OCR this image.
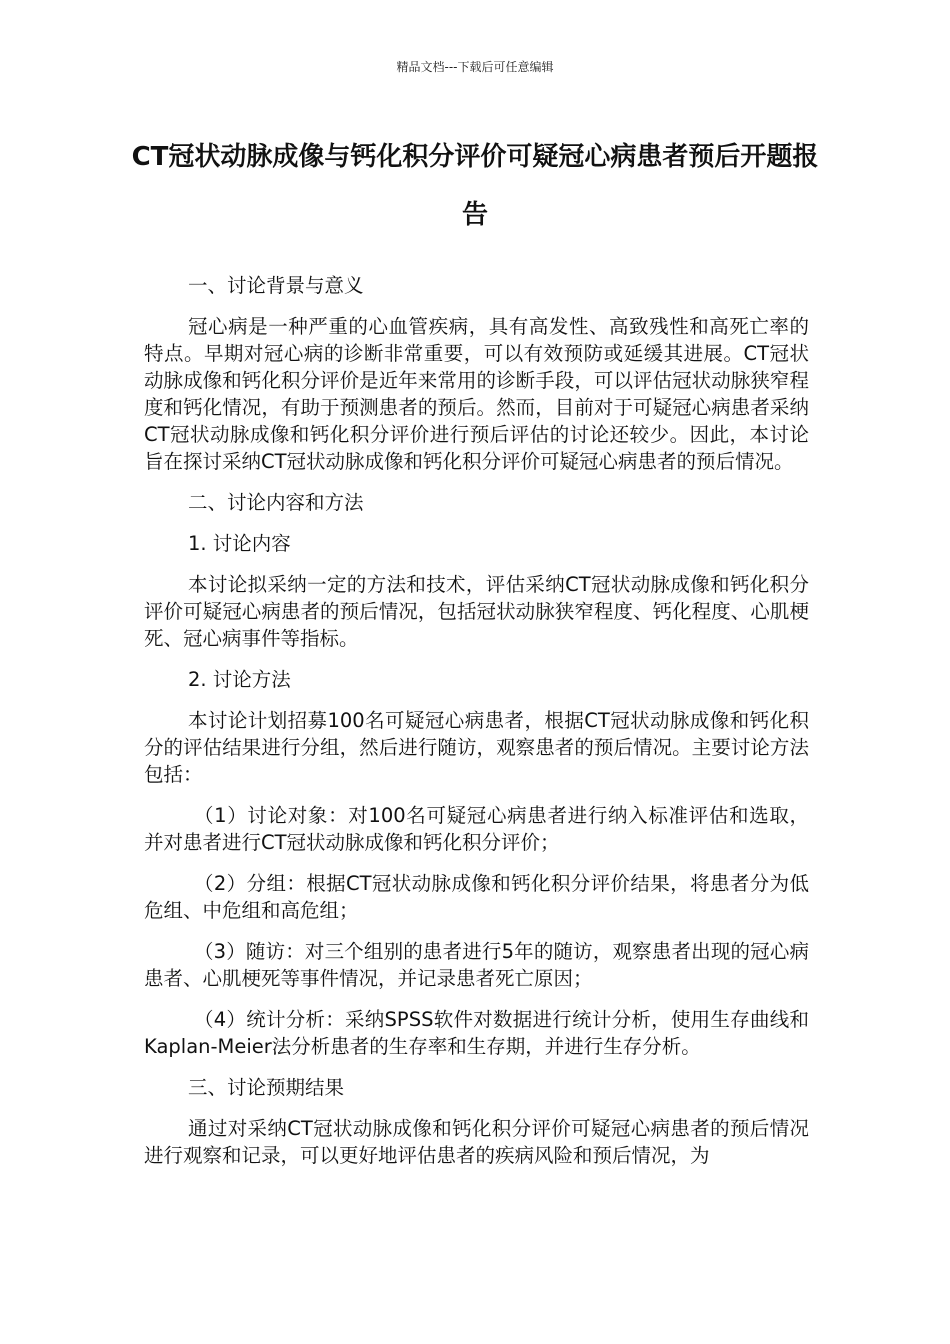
精品文档---下载后可任意编辑
CT冠状动脉成像与钙化积分评价可疑冠心病患者预后开题报告

一、讨论背景与意义

冠心病是一种严重的心血管疾病，具有高发性、高致残性和高死亡率的特点。早期对冠心病的诊断非常重要，可以有效预防或延缓其进展。CT冠状动脉成像和钙化积分评价是近年来常用的诊断手段，可以评估冠状动脉狭窄程度和钙化情况，有助于预测患者的预后。然而，目前对于可疑冠心病患者采纳CT冠状动脉成像和钙化积分评价进行预后评估的讨论还较少。因此，本讨论旨在探讨采纳CT冠状动脉成像和钙化积分评价可疑冠心病患者的预后情况。

二、讨论内容和方法

1. 讨论内容

本讨论拟采纳一定的方法和技术，评估采纳CT冠状动脉成像和钙化积分评价可疑冠心病患者的预后情况，包括冠状动脉狭窄程度、钙化程度、心肌梗死、冠心病事件等指标。

2. 讨论方法

本讨论计划招募100名可疑冠心病患者，根据CT冠状动脉成像和钙化积分的评估结果进行分组，然后进行随访，观察患者的预后情况。主要讨论方法包括：

（1）讨论对象：对100名可疑冠心病患者进行纳入标准评估和选取，并对患者进行CT冠状动脉成像和钙化积分评价；

（2）分组：根据CT冠状动脉成像和钙化积分评价结果，将患者分为低危组、中危组和高危组；

（3）随访：对三个组别的患者进行5年的随访，观察患者出现的冠心病患者、心肌梗死等事件情况，并记录患者死亡原因；

（4）统计分析：采纳SPSS软件对数据进行统计分析，使用生存曲线和Kaplan-Meier法分析患者的生存率和生存期，并进行生存分析。

三、讨论预期结果

通过对采纳CT冠状动脉成像和钙化积分评价可疑冠心病患者的预后情况进行观察和记录，可以更好地评估患者的疾病风险和预后情况，为
